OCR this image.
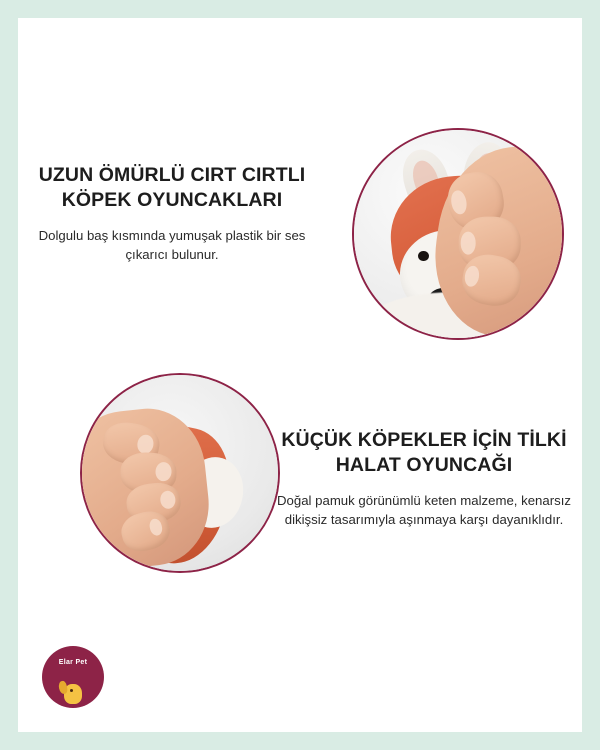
UZUN ÖMÜRLÜ CIRT CIRTLI KÖPEK OYUNCAKLARI

Dolgulu baş kısmında yumuşak plastik bir ses çıkarıcı bulunur.

KÜÇÜK KÖPEKLER İÇİN TİLKİ HALAT OYUNCAĞI

Doğal pamuk görünümlü keten malzeme, kenarsız dikişsiz tasarımıyla aşınmaya karşı dayanıklıdır.

Elar Pet
